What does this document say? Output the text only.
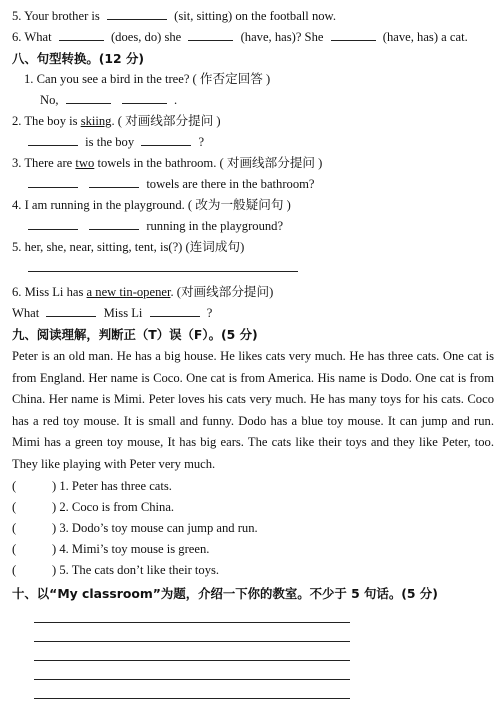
5. Your brother is	(sit, sitting) on the football now.
6. What	(does, do) she	(have, has)? She	(have, has) a cat.
八、句型转换。(12 分)
1. Can you see a bird in the tree? ( 作否定回答 )
No,	.
2. The boy is skiing. ( 对画线部分提问 )
is the boy	?
3. There are two towels in the bathroom. ( 对画线部分提问 )
towels are there in the bathroom?
4. I am running in the playground. ( 改为一般疑问句 )
running in the playground?
5. her, she, near, sitting, tent, is(?) (连词成句)
6. Miss Li has a new tin-opener. (对画线部分提问)
What	Miss Li	?
九、阅读理解，判断正（T）误（F）。(5 分)
Peter is an old man. He has a big house. He likes cats very much. He has three cats. One cat is from England. Her name is Coco. One cat is from America. His name is Dodo. One cat is from China. Her name is Mimi. Peter loves his cats very much. He has many toys for his cats. Coco has a red toy mouse. It is small and funny. Dodo has a blue toy mouse. It can jump and run. Mimi has a green toy mouse, It has big ears. The cats like their toys and they like Peter, too. They like playing with Peter very much.
(	) 1. Peter has three cats.
(	) 2. Coco is from China.
(	) 3. Dodo’s toy mouse can jump and run.
(	) 4. Mimi’s toy mouse is green.
(	) 5. The cats don’t like their toys.
十、以“My classroom”为题，介绍一下你的教室。不少于 5 句话。(5 分)
